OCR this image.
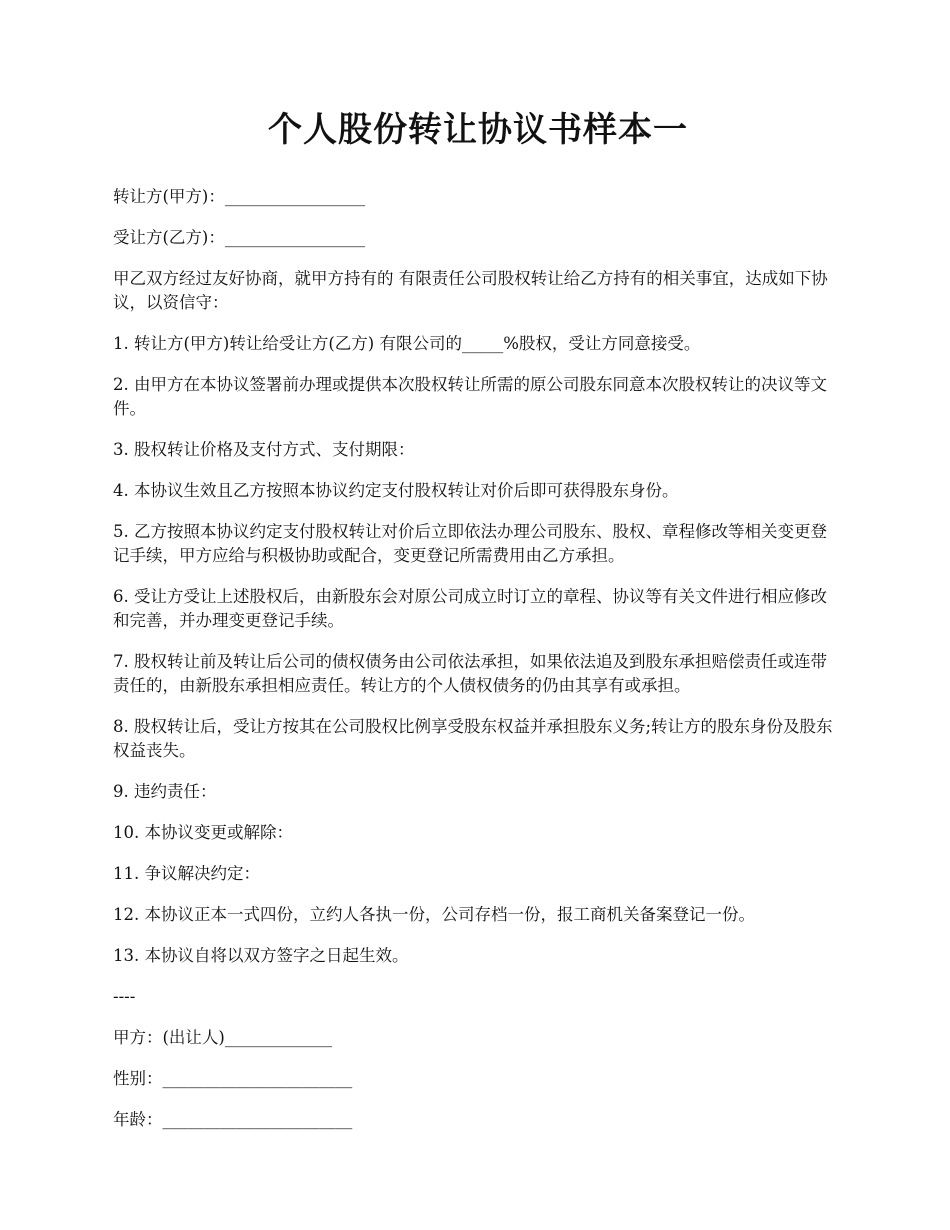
个人股份转让协议书样本一

转让方(甲方)：_________________

受让方(乙方)：_________________

甲乙双方经过友好协商，就甲方持有的 有限责任公司股权转让给乙方持有的相关事宜，达成如下协议，以资信守：

1. 转让方(甲方)转让给受让方(乙方) 有限公司的_____%股权，受让方同意接受。

2. 由甲方在本协议签署前办理或提供本次股权转让所需的原公司股东同意本次股权转让的决议等文件。

3. 股权转让价格及支付方式、支付期限：

4. 本协议生效且乙方按照本协议约定支付股权转让对价后即可获得股东身份。

5. 乙方按照本协议约定支付股权转让对价后立即依法办理公司股东、股权、章程修改等相关变更登记手续，甲方应给与积极协助或配合，变更登记所需费用由乙方承担。

6. 受让方受让上述股权后，由新股东会对原公司成立时订立的章程、协议等有关文件进行相应修改和完善，并办理变更登记手续。

7. 股权转让前及转让后公司的债权债务由公司依法承担，如果依法追及到股东承担赔偿责任或连带责任的，由新股东承担相应责任。转让方的个人债权债务的仍由其享有或承担。

8. 股权转让后，受让方按其在公司股权比例享受股东权益并承担股东义务;转让方的股东身份及股东权益丧失。

9. 违约责任：

10. 本协议变更或解除：

11. 争议解决约定：

12. 本协议正本一式四份，立约人各执一份，公司存档一份，报工商机关备案登记一份。

13. 本协议自将以双方签字之日起生效。

----

甲方：(出让人)_____________

性别：_______________________

年龄：_______________________
